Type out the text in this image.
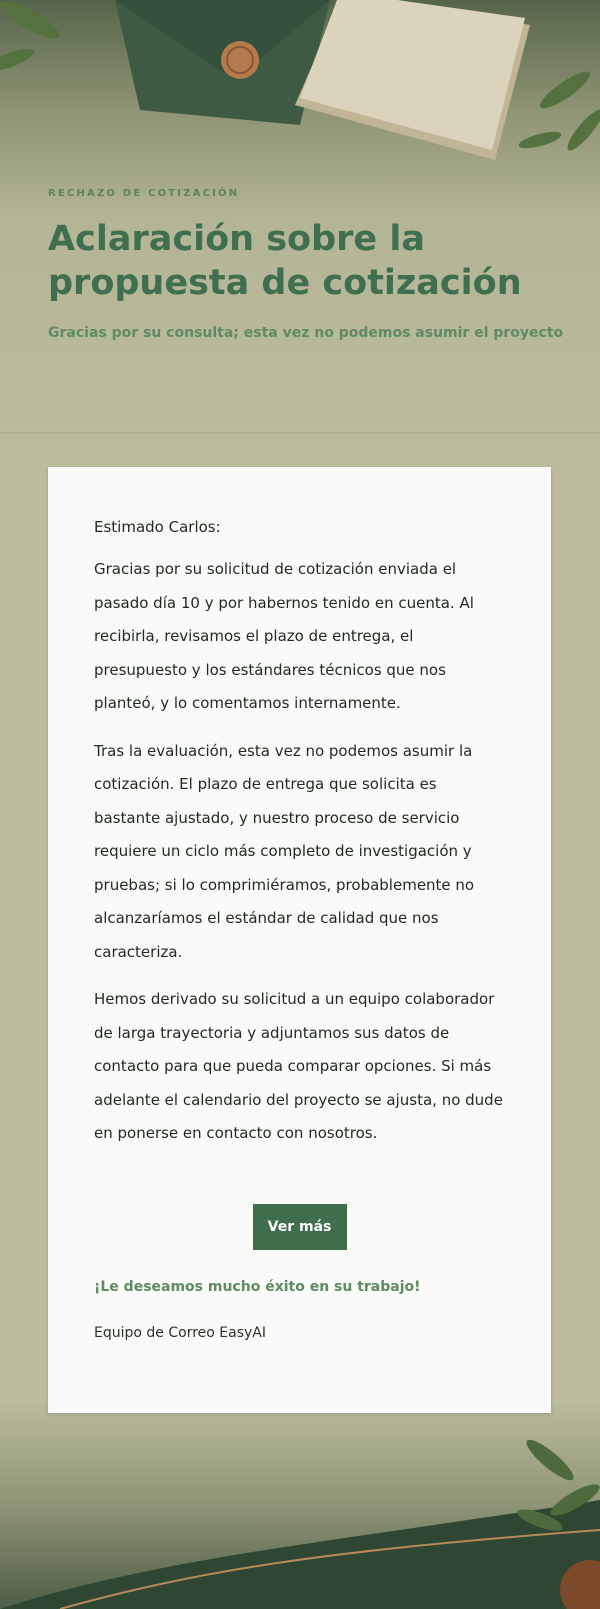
RECHAZO DE COTIZACIÓN

Aclaración sobre la propuesta de cotización

Gracias por su consulta; esta vez no podemos asumir el proyecto

Estimado Carlos:

Gracias por su solicitud de cotización enviada el pasado día 10 y por habernos tenido en cuenta. Al recibirla, revisamos el plazo de entrega, el presupuesto y los estándares técnicos que nos planteó, y lo comentamos internamente.

Tras la evaluación, esta vez no podemos asumir la cotización. El plazo de entrega que solicita es bastante ajustado, y nuestro proceso de servicio requiere un ciclo más completo de investigación y pruebas; si lo comprimiéramos, probablemente no alcanzaríamos el estándar de calidad que nos caracteriza.

Hemos derivado su solicitud a un equipo colaborador de larga trayectoria y adjuntamos sus datos de contacto para que pueda comparar opciones. Si más adelante el calendario del proyecto se ajusta, no dude en ponerse en contacto con nosotros.

Ver más

¡Le deseamos mucho éxito en su trabajo!

Equipo de Correo EasyAI
